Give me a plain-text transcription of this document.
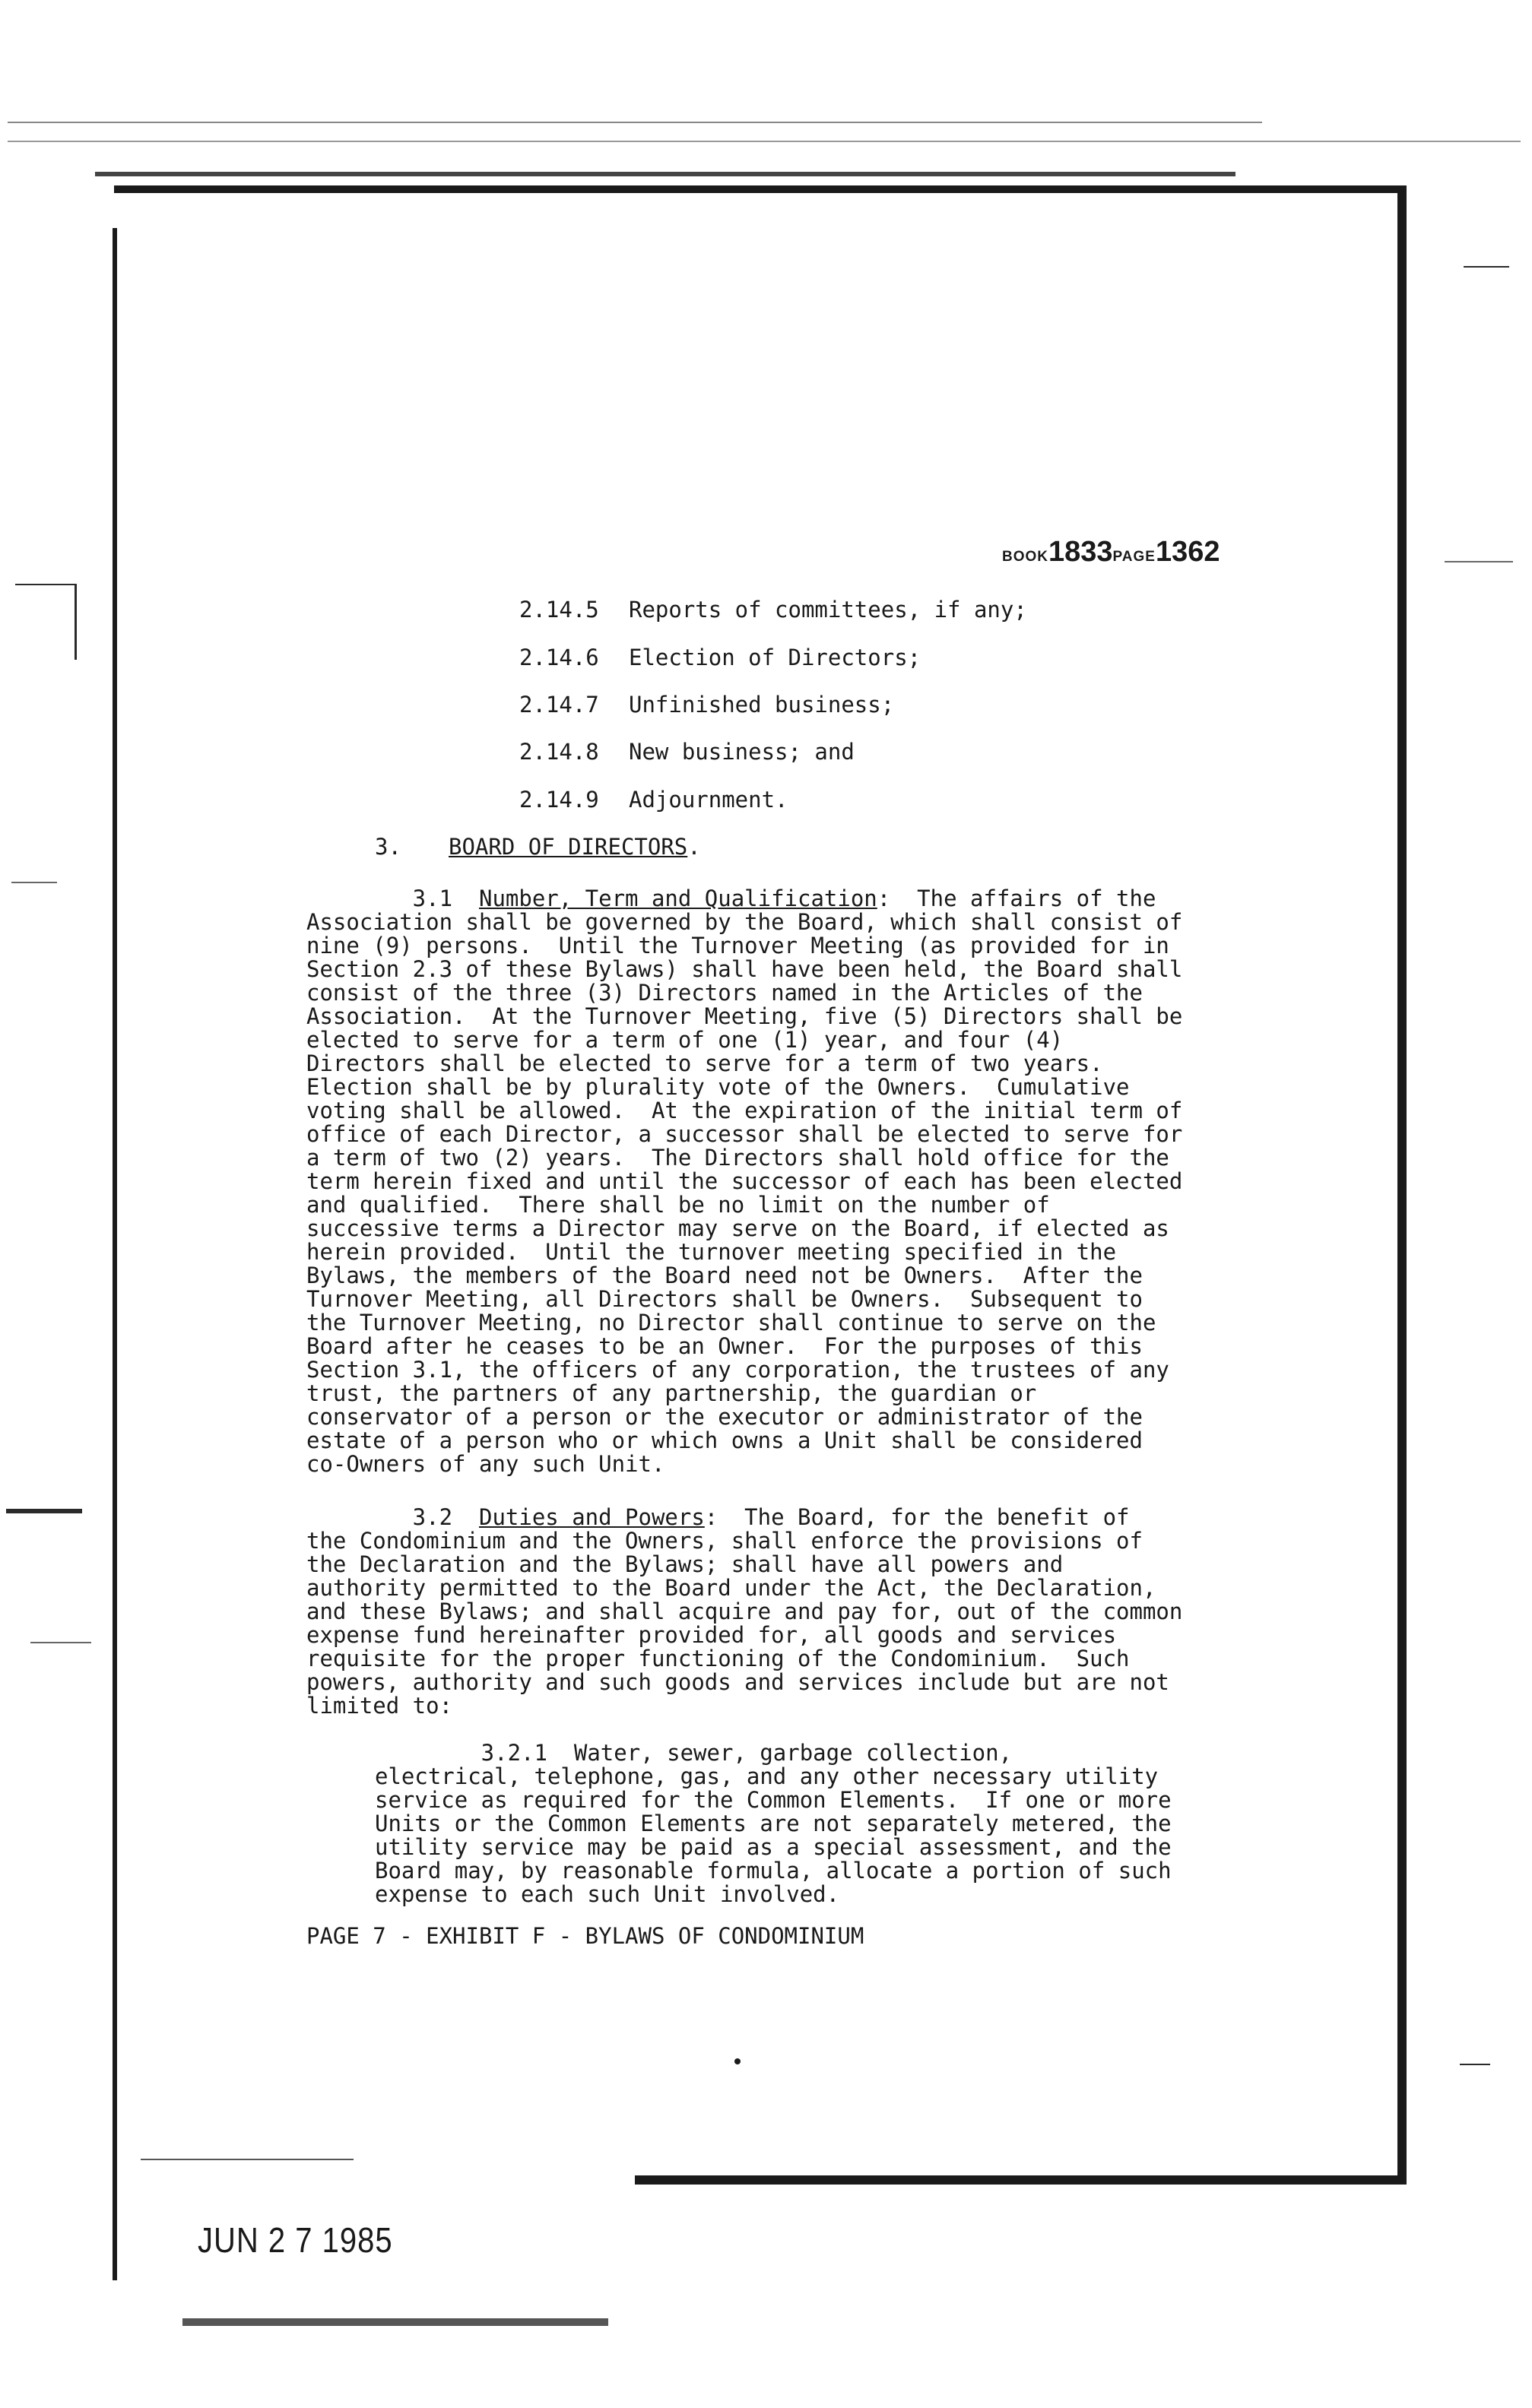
BOOK1833PAGE1362
2.14.5 Reports of committees, if any;
2.14.6 Election of Directors;
2.14.7 Unfinished business;
2.14.8 New business; and
2.14.9 Adjournment.
3. BOARD OF DIRECTORS.

3.1  Number, Term and Qualification:  The affairs of the
Association shall be governed by the Board, which shall consist of
nine (9) persons.  Until the Turnover Meeting (as provided for in
Section 2.3 of these Bylaws) shall have been held, the Board shall
consist of the three (3) Directors named in the Articles of the
Association.  At the Turnover Meeting, five (5) Directors shall be
elected to serve for a term of one (1) year, and four (4)
Directors shall be elected to serve for a term of two years.
Election shall be by plurality vote of the Owners.  Cumulative
voting shall be allowed.  At the expiration of the initial term of
office of each Director, a successor shall be elected to serve for
a term of two (2) years.  The Directors shall hold office for the
term herein fixed and until the successor of each has been elected
and qualified.  There shall be no limit on the number of
successive terms a Director may serve on the Board, if elected as
herein provided.  Until the turnover meeting specified in the
Bylaws, the members of the Board need not be Owners.  After the
Turnover Meeting, all Directors shall be Owners.  Subsequent to
the Turnover Meeting, no Director shall continue to serve on the
Board after he ceases to be an Owner.  For the purposes of this
Section 3.1, the officers of any corporation, the trustees of any
trust, the partners of any partnership, the guardian or
conservator of a person or the executor or administrator of the
estate of a person who or which owns a Unit shall be considered
co-Owners of any such Unit.

3.2  Duties and Powers:  The Board, for the benefit of
the Condominium and the Owners, shall enforce the provisions of
the Declaration and the Bylaws; shall have all powers and
authority permitted to the Board under the Act, the Declaration,
and these Bylaws; and shall acquire and pay for, out of the common
expense fund hereinafter provided for, all goods and services
requisite for the proper functioning of the Condominium.  Such
powers, authority and such goods and services include but are not
limited to:

3.2.1  Water, sewer, garbage collection,
electrical, telephone, gas, and any other necessary utility
service as required for the Common Elements.  If one or more
Units or the Common Elements are not separately metered, the
utility service may be paid as a special assessment, and the
Board may, by reasonable formula, allocate a portion of such
expense to each such Unit involved.

PAGE 7 - EXHIBIT F - BYLAWS OF CONDOMINIUM
JUN 2 7 1985
